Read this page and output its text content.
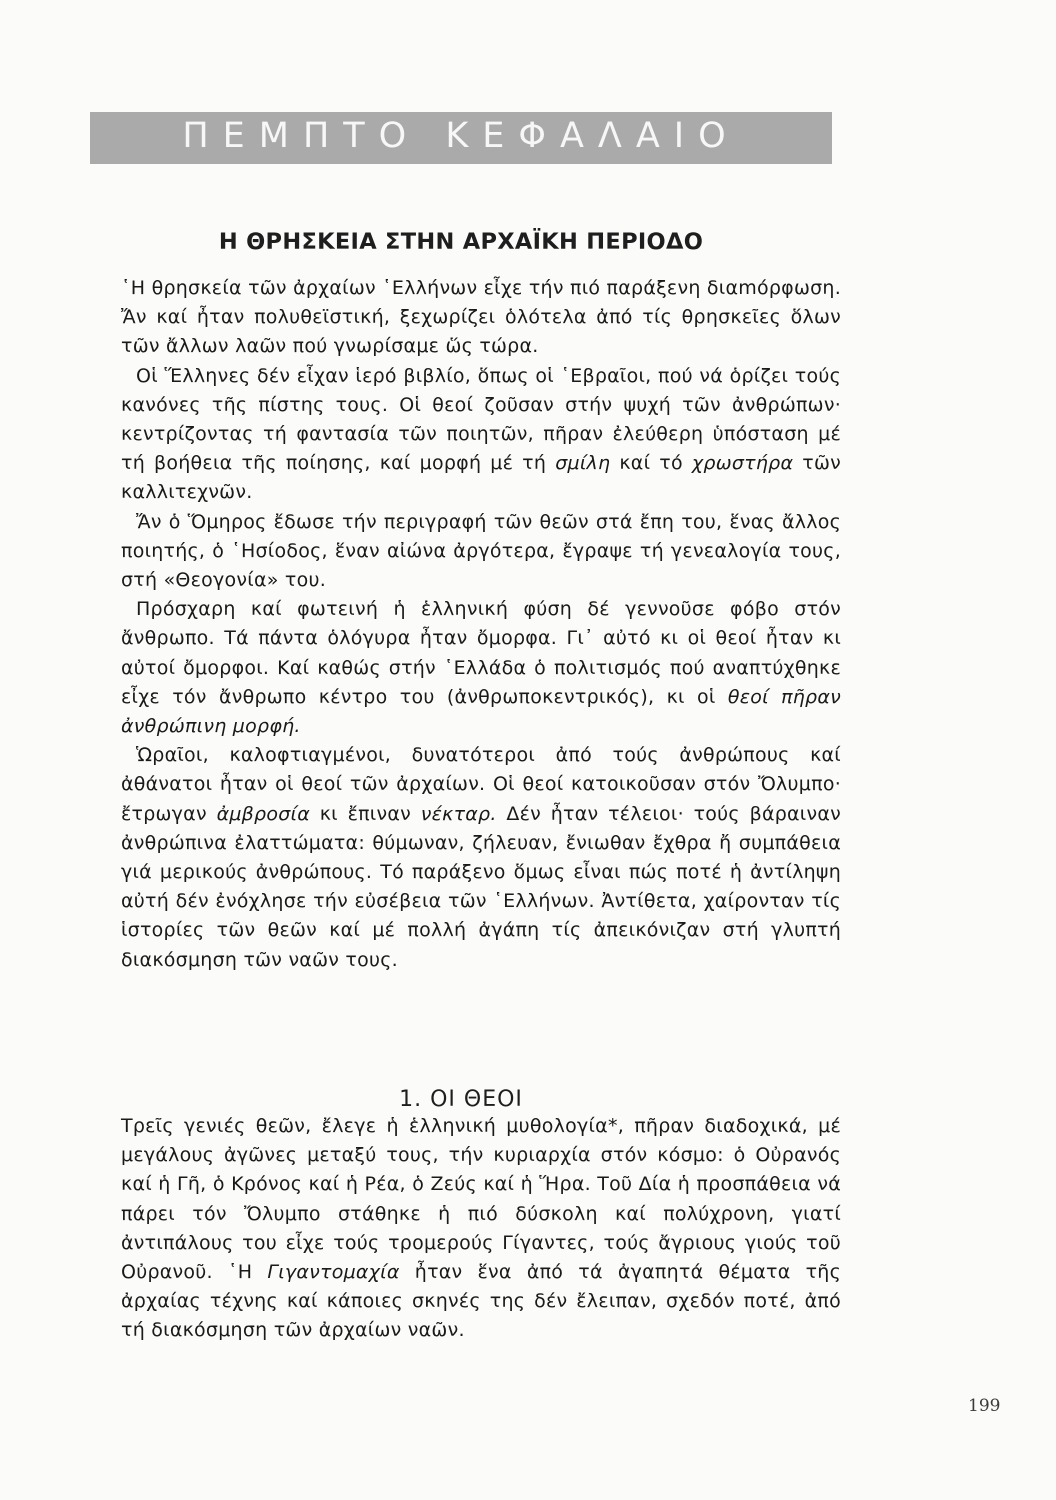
ΠΕΜΠΤΟ ΚΕΦΑΛΑΙΟ
Η ΘΡΗΣΚΕΙΑ ΣΤΗΝ ΑΡΧΑΪΚΗ ΠΕΡΙΟΔΟ

῾Η θρησκεία τῶν ἀρχαίων ῾Ελλήνων εἶχε τήν πιό παράξενη διαmόρφωση. Ἄν καί ἦταν πολυθεϊστική, ξεχωρίζει ὁλότελα ἀπό τίς θρησκεῖες ὅλων τῶν ἄλλων λαῶν πού γνωρίσαμε ὥς τώρα.

Οἱ Ἕλληνες δέν εἶχαν ἱερό βιβλίο, ὅπως οἱ ῾Εβραῖοι, πού νά ὁρίζει τούς κανόνες τῆς πίστης τους. Οἱ θεοί ζοῦσαν στήν ψυχή τῶν ἀνθρώπων· κεντρίζοντας τή φαντασία τῶν ποιητῶν, πῆραν ἐλεύθερη ὑπόσταση μέ τή βοήθεια τῆς ποίησης, καί μορφή μέ τή σμίλη καί τό χρωστήρα τῶν καλλιτεχνῶν.

Ἄν ὁ Ὅμηρος ἔδωσε τήν περιγραφή τῶν θεῶν στά ἔπη του, ἕνας ἄλλος ποιητής, ὁ ῾Ησίοδος, ἕναν αἰώνα ἀργότερα, ἔγραψε τή γενεαλογία τους, στή «Θεογονία» του.

Πρόσχαρη καί φωτεινή ἡ ἑλληνική φύση δέ γεννοῦσε φόβο στόν ἄνθρωπο. Τά πάντα ὁλόγυρα ἦταν ὄμορφα. Γι᾿ αὐτό κι οἱ θεοί ἦταν κι αὐτοί ὄμορφοι. Καί καθώς στήν ῾Ελλάδα ὁ πολιτισμός πού αναπτύχθηκε εἶχε τόν ἄνθρωπο κέντρο του (ἀνθρωποκεντρικός), κι οἱ θεοί πῆραν ἀνθρώπινη μορφή.

Ὡραῖοι, καλοφτιαγμένοι, δυνατότεροι ἀπό τούς ἀνθρώπους καί ἀθάνατοι ἦταν οἱ θεοί τῶν ἀρχαίων. Οἱ θεοί κατοικοῦσαν στόν Ὄλυμπο· ἔτρωγαν ἀμβροσία κι ἔπιναν νέκταρ. Δέν ἦταν τέλειοι· τούς βάραιναν ἀνθρώπινα ἐλαττώματα: θύμωναν, ζήλευαν, ἔνιωθαν ἔχθρα ἤ συμπάθεια γιά μερικούς ἀνθρώπους. Τό παράξενο ὅμως εἶναι πώς ποτέ ἡ ἀντίληψη αὐτή δέν ἐνόχλησε τήν εὐσέβεια τῶν ῾Ελλήνων. Ἀντίθετα, χαίρονταν τίς ἱστορίες τῶν θεῶν καί μέ πολλή ἀγάπη τίς ἀπεικόνιζαν στή γλυπτή διακόσμηση τῶν ναῶν τους.

1. ΟΙ ΘΕΟΙ

Τρεῖς γενιές θεῶν, ἔλεγε ἡ ἑλληνική μυθολογία*, πῆραν διαδοχικά, μέ μεγάλους ἀγῶνες μεταξύ τους, τήν κυριαρχία στόν κόσμο: ὁ Οὐρανός καί ἡ Γῆ, ὁ Κρόνος καί ἡ Ρέα, ὁ Ζεύς καί ἡ Ἥρα. Τοῦ Δία ἡ προσπάθεια νά πάρει τόν Ὄλυμπο στάθηκε ἡ πιό δύσκολη καί πολύχρονη, γιατί ἀντιπάλους του εἶχε τούς τρομερούς Γίγαντες, τούς ἄγριους γιούς τοῦ Οὐρανοῦ. ῾Η Γιγαντομαχία ἦταν ἕνα ἀπό τά ἀγαπητά θέματα τῆς ἀρχαίας τέχνης καί κάποιες σκηνές της δέν ἔλειπαν, σχεδόν ποτέ, ἀπό τή διακόσμηση τῶν ἀρχαίων ναῶν.

199
